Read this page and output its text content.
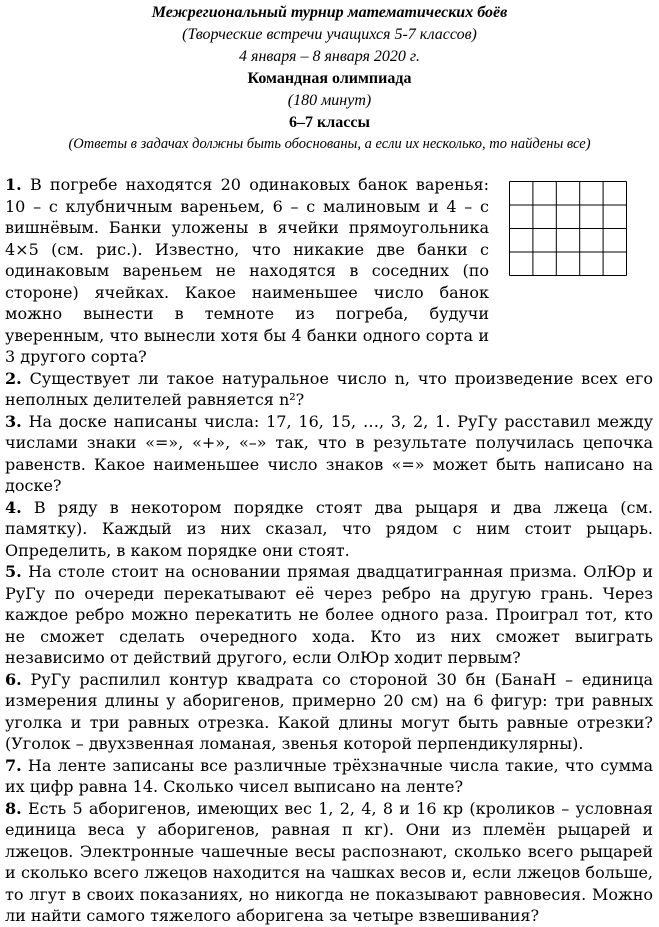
Межрегиональный турнир математических боёв
(Творческие встречи учащихся 5-7 классов)
4 января – 8 января 2020 г.
Командная олимпиада
(180 минут)
6–7 классы
(Ответы в задачах должны быть обоснованы, а если их несколько, то найдены все)

1. В погребе находятся 20 одинаковых банок варенья: 10 – с клубничным вареньем, 6 – с малиновым и 4 – с вишнёвым. Банки уложены в ячейки прямоугольника 4×5 (см. рис.). Известно, что никакие две банки с одинаковым вареньем не находятся в соседних (по стороне) ячейках. Какое наименьшее число банок можно вынести в темноте из погреба, будучи уверенным, что вынесли хотя бы 4 банки одного сорта и 3 другого сорта?

2. Существует ли такое натуральное число n, что произведение всех его неполных делителей равняется n²?

3. На доске написаны числа: 17, 16, 15, …, 3, 2, 1. РуГу расставил между числами знаки «=», «+», «–» так, что в результате получилась цепочка равенств. Какое наименьшее число знаков «=» может быть написано на доске?

4. В ряду в некотором порядке стоят два рыцаря и два лжеца (см. памятку). Каждый из них сказал, что рядом с ним стоит рыцарь. Определить, в каком порядке они стоят.

5. На столе стоит на основании прямая двадцатигранная призма. ОлЮр и РуГу по очереди перекатывают её через ребро на другую грань. Через каждое ребро можно перекатить не более одного раза. Проиграл тот, кто не сможет сделать очередного хода. Кто из них сможет выиграть независимо от действий другого, если ОлЮр ходит первым?

6. РуГу распилил контур квадрата со стороной 30 бн (БанаН – единица измерения длины у аборигенов, примерно 20 см) на 6 фигур: три равных уголка и три равных отрезка. Какой длины могут быть равные отрезки? (Уголок – двухзвенная ломаная, звенья которой перпендикулярны).

7. На ленте записаны все различные трёхзначные числа такие, что сумма их цифр равна 14. Сколько чисел выписано на ленте?

8. Есть 5 аборигенов, имеющих вес 1, 2, 4, 8 и 16 кр (кроликов – условная единица веса у аборигенов, равная π кг). Они из племён рыцарей и лжецов. Электронные чашечные весы распознают, сколько всего рыцарей и сколько всего лжецов находится на чашках весов и, если лжецов больше, то лгут в своих показаниях, но никогда не показывают равновесия. Можно ли найти самого тяжелого аборигена за четыре взвешивания?
